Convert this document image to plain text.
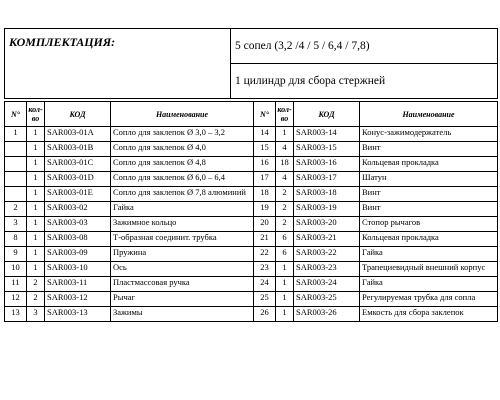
КОМПЛЕКТАЦИЯ:	5 сопел (3,2 /4 / 5 / 6,4 / 7,8)
1 цилиндр для сбора стержней
N°	кол-во	КОД	Наименование	N°	кол-во	КОД	Наименование
1	1	SAR003-01A	Сопло для заклепок Ø 3,0 – 3,2	14	1	SAR003-14	Конус-зажимодержатель
	1	SAR003-01B	Сопло для заклепок Ø 4,0	15	4	SAR003-15	Винт
	1	SAR003-01C	Сопло для заклепок Ø 4,8	16	18	SAR003-16	Кольцевая прокладка
	1	SAR003-01D	Сопло для заклепок Ø 6,0 – 6,4	17	4	SAR003-17	Шатун
	1	SAR003-01E	Сопло для заклепок Ø 7,8 алюминий	18	2	SAR003-18	Винт
2	1	SAR003-02	Гайка	19	2	SAR003-19	Винт
3	1	SAR003-03	Зажимное кольцо	20	2	SAR003-20	Стопор рычагов
8	1	SAR003-08	Т-образная соединит. трубка	21	6	SAR003-21	Кольцевая прокладка
9	1	SAR003-09	Пружина	22	6	SAR003-22	Гайка
10	1	SAR003-10	Ось	23	1	SAR003-23	Трапециевидный внешний корпус
11	2	SAR003-11	Пластмассовая ручка	24	1	SAR003-24	Гайка
12	2	SAR003-12	Рычаг	25	1	SAR003-25	Регулируемая трубка для сопла
13	3	SAR003-13	Зажимы	26	1	SAR003-26	Емкость для сбора заклепок
